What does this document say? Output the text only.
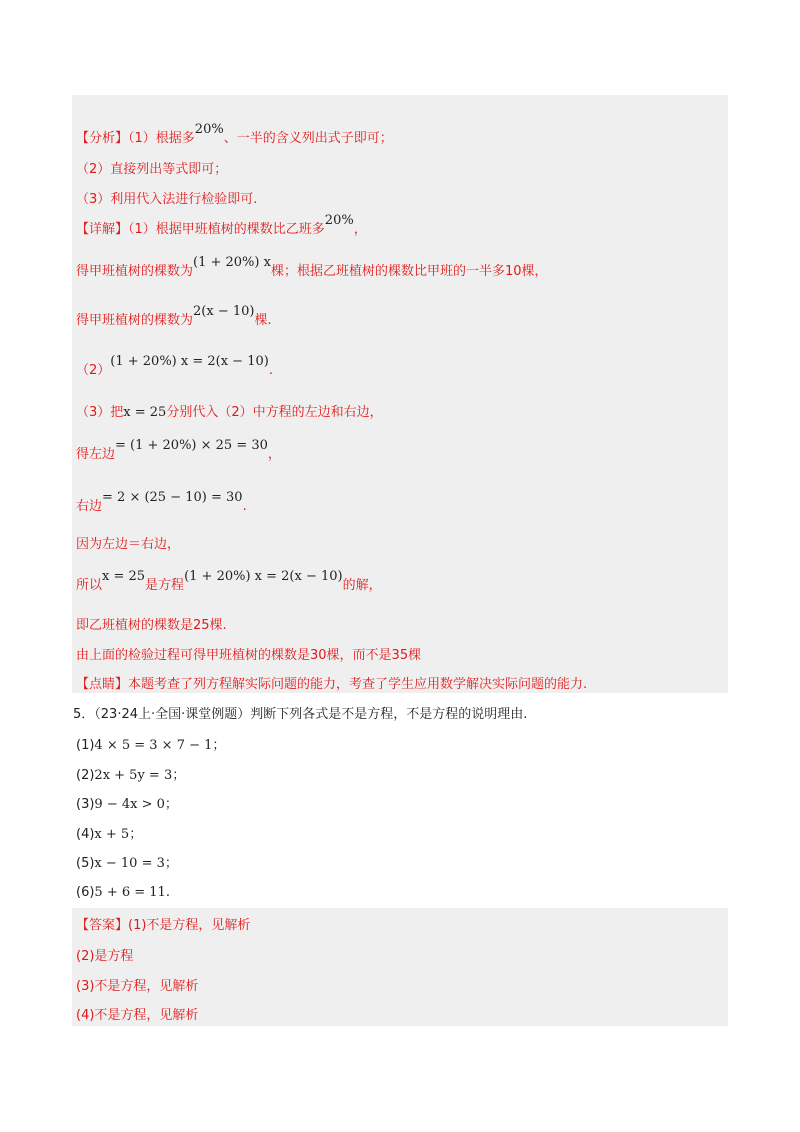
【分析】（1）根据多20%、一半的含义列出式子即可；
（2）直接列出等式即可；
（3）利用代入法进行检验即可.
【详解】（1）根据甲班植树的棵数比乙班多20%，
得甲班植树的棵数为(1 + 20%) x棵；根据乙班植树的棵数比甲班的一半多10棵，
得甲班植树的棵数为2(x − 10)棵.
（2）(1 + 20%) x = 2(x − 10).
（3）把x = 25分别代入（2）中方程的左边和右边，
得左边= (1 + 20%) × 25 = 30，
右边= 2 × (25 − 10) = 30.
因为左边＝右边，
所以x = 25是方程(1 + 20%) x = 2(x − 10)的解，
即乙班植树的棵数是25棵.
由上面的检验过程可得甲班植树的棵数是30棵，而不是35棵
【点睛】本题考查了列方程解实际问题的能力，考查了学生应用数学解决实际问题的能力.
5．（23·24上·全国·课堂例题）判断下列各式是不是方程，不是方程的说明理由.
(1)4 × 5 = 3 × 7 − 1；
(2)2x + 5y = 3；
(3)9 − 4x > 0；
(4)x + 5；
(5)x − 10 = 3；
(6)5 + 6 = 11.
【答案】(1)不是方程，见解析
(2)是方程
(3)不是方程，见解析
(4)不是方程，见解析
